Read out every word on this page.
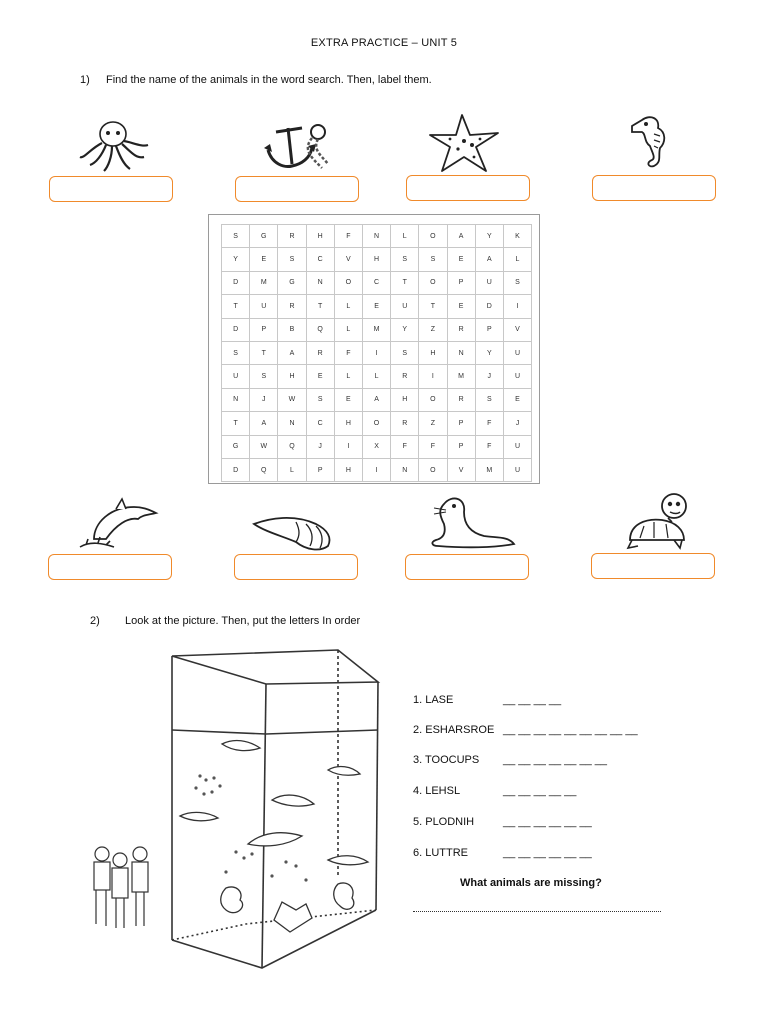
EXTRA PRACTICE – UNIT 5
1) Find the name of the animals in the word search. Then, label them.
S	G	R	H	F	N	L	O	A	Y	K
Y	E	S	C	V	H	S	S	E	A	L
D	M	G	N	O	C	T	O	P	U	S
T	U	R	T	L	E	U	T	E	D	I
D	P	B	Q	L	M	Y	Z	R	P	V
S	T	A	R	F	I	S	H	N	Y	U
U	S	H	E	L	L	R	I	M	J	U
N	J	W	S	E	A	H	O	R	S	E
T	A	N	C	H	O	R	Z	P	F	J
G	W	Q	J	I	X	F	F	P	F	U
D	Q	L	P	H	I	N	O	V	M	U
2) Look at the picture. Then, put the letters In order
1. LASE	__ __ __ __
2. ESHARSROE __ __ __ __ __ __ __ __ __
3. TOOCUPS __ __ __ __ __ __ __
4. LEHSL	__ __ __ __ __
5. PLODNIH	__ __ __ __ __ __
6. LUTTRE	__ __ __ __ __ __
What animals are missing?
